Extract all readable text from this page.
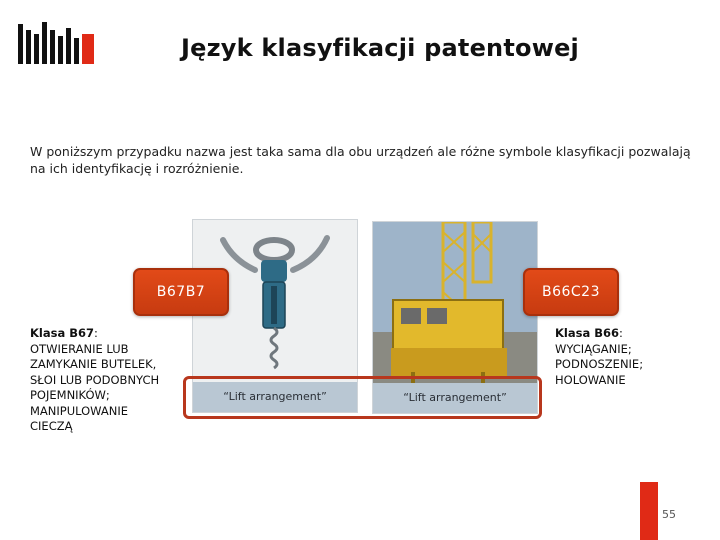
Język klasyfikacji patentowej
W poniższym przypadku nazwa jest taka sama dla obu urządzeń ale różne symbole klasyfikacji pozwalają na ich identyfikację i rozróżnienie.
“Lift arrangement”	“Lift arrangement”
B67B7	B66C23
Klasa B67:
OTWIERANIE LUB
ZAMYKANIE BUTELEK,
SŁOI LUB PODOBNYCH
POJEMNIKÓW;
MANIPULOWANIE
CIECZĄ
Klasa B66:
WYCIĄGANIE;
PODNOSZENIE;
HOLOWANIE
55
